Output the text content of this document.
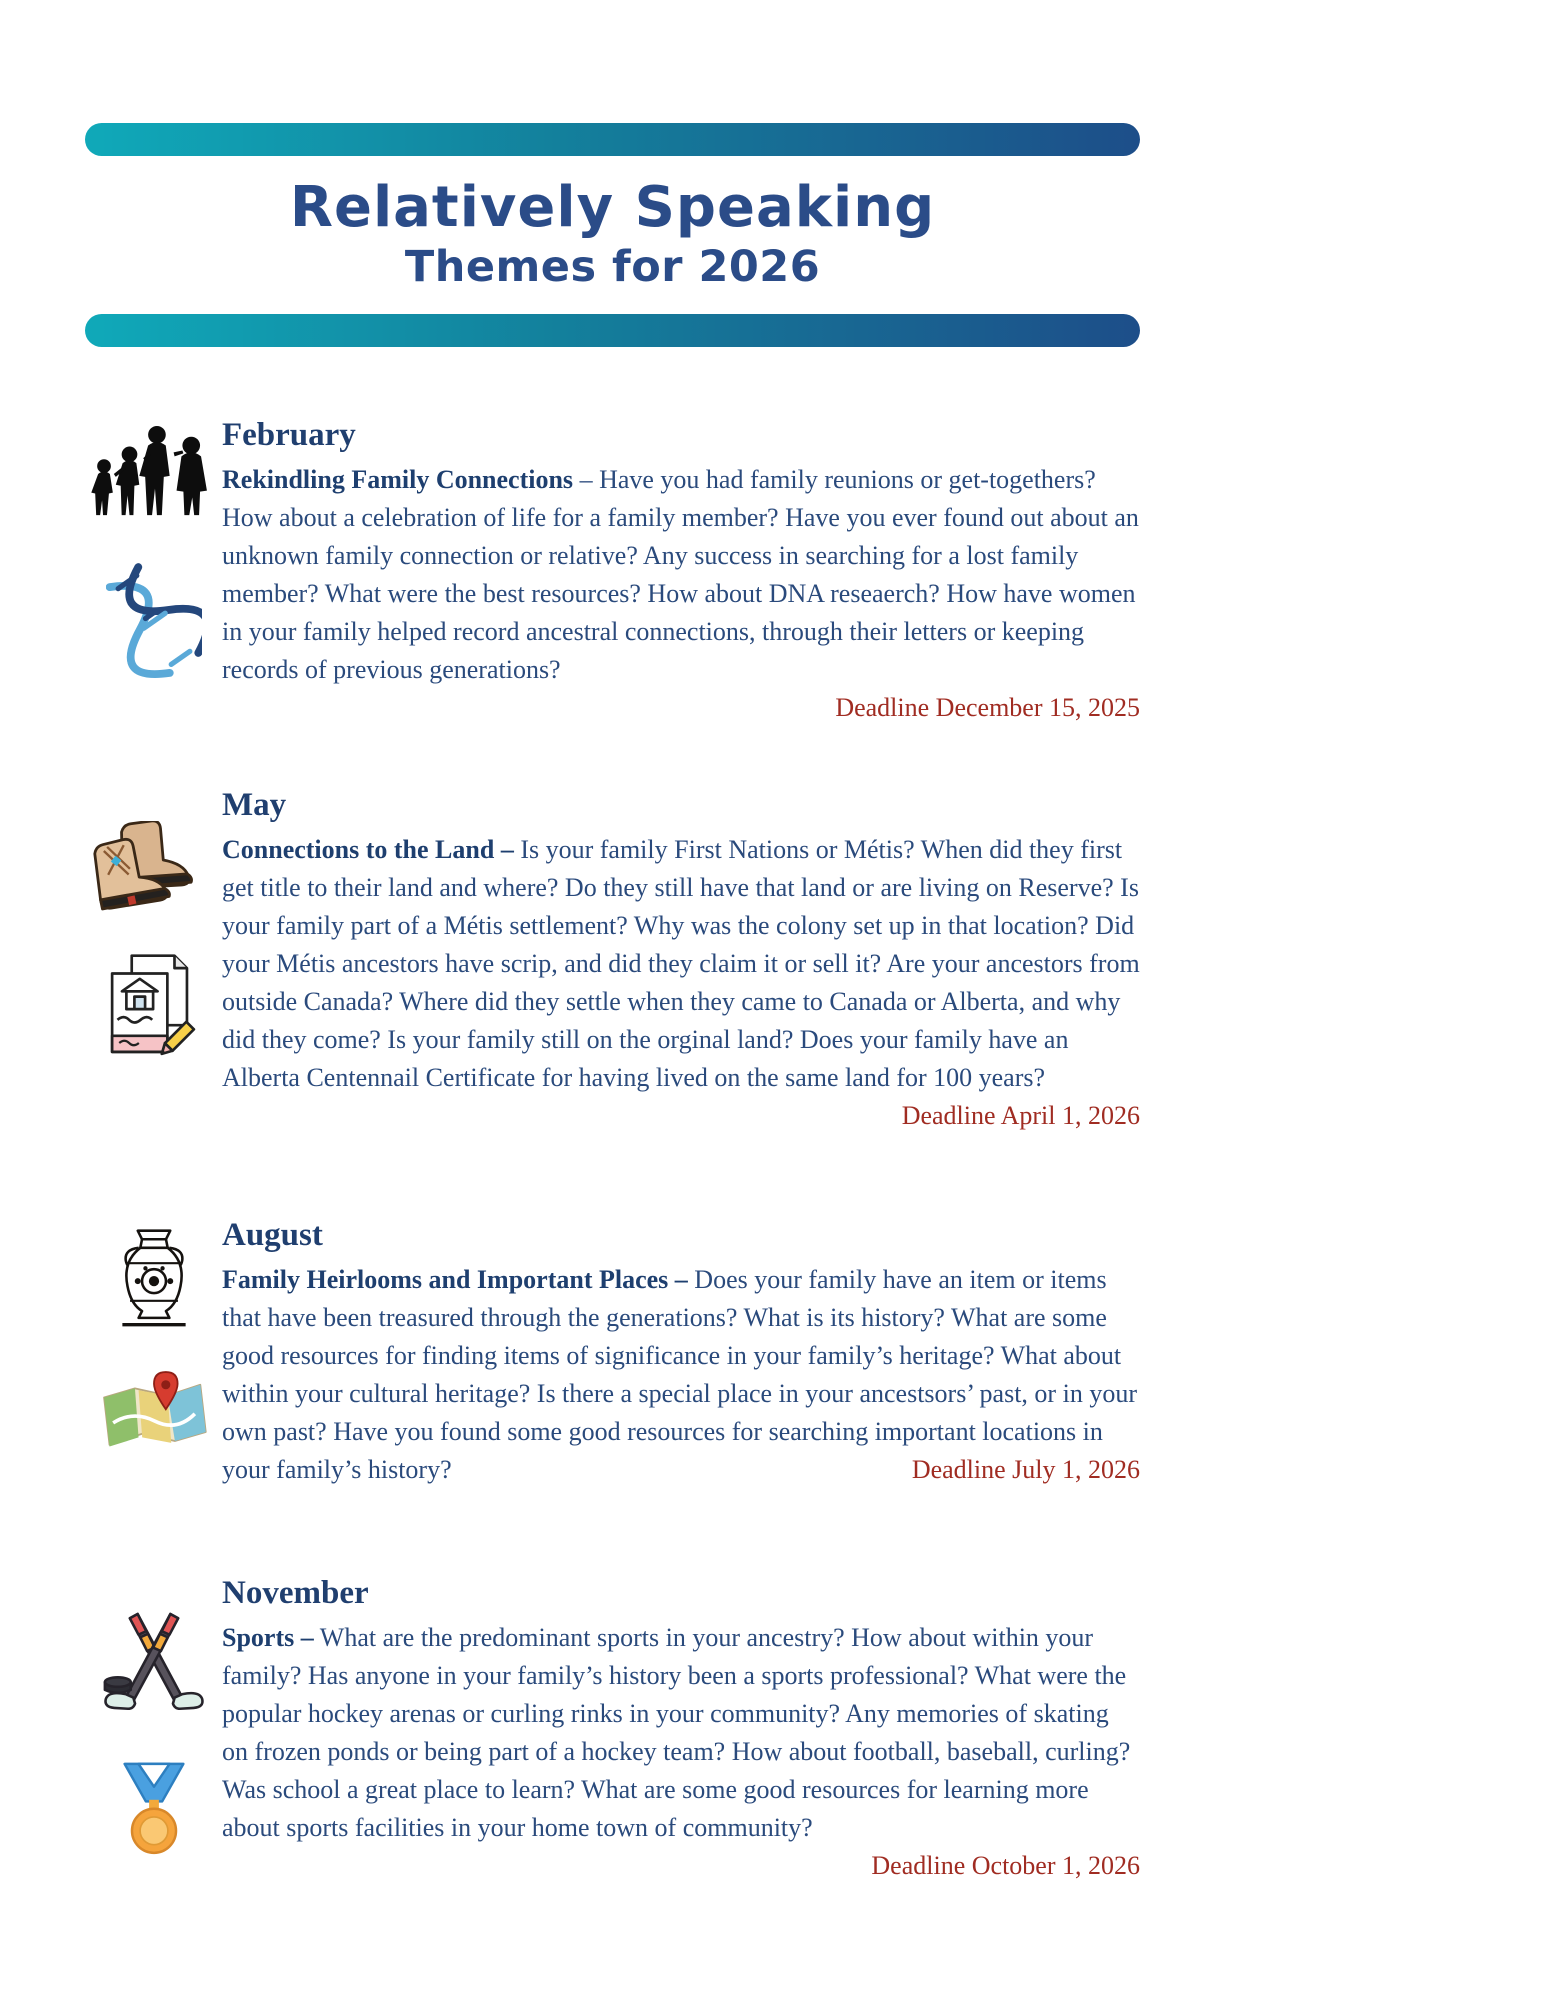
Relatively Speaking
Themes for 2026
February

Rekindling Family Connections – Have you had family reunions or get-togethers? How about a celebration of life for a family member? Have you ever found out about an unknown family connection or relative? Any success in searching for a lost family member? What were the best resources? How about DNA reseaerch? How have women in your family helped record ancestral connections, through their letters or keeping records of previous generations?
Deadline December 15, 2025

May

Connections to the Land – Is your family First Nations or Métis? When did they first get title to their land and where? Do they still have that land or are living on Reserve? Is your family part of a Métis settlement? Why was the colony set up in that location? Did your Métis ancestors have scrip, and did they claim it or sell it? Are your ancestors from outside Canada? Where did they settle when they came to Canada or Alberta, and why did they come? Is your family still on the orginal land? Does your family have an Alberta Centennail Certificate for having lived on the same land for 100 years?
Deadline April 1, 2026

August

Family Heirlooms and Important Places – Does your family have an item or items that have been treasured through the generations? What is its history? What are some good resources for finding items of significance in your family’s heritage? What about within your cultural heritage? Is there a special place in your ancestsors’ past, or in your own past? Have you found some good resources for searching important locations in your family’s history?	Deadline July 1, 2026

November

Sports – What are the predominant sports in your ancestry? How about within your family? Has anyone in your family’s history been a sports professional? What were the popular hockey arenas or curling rinks in your community? Any memories of skating on frozen ponds or being part of a hockey team? How about football, baseball, curling? Was school a great place to learn? What are some good resources for learning more about sports facilities in your home town of community?
Deadline October 1, 2026
